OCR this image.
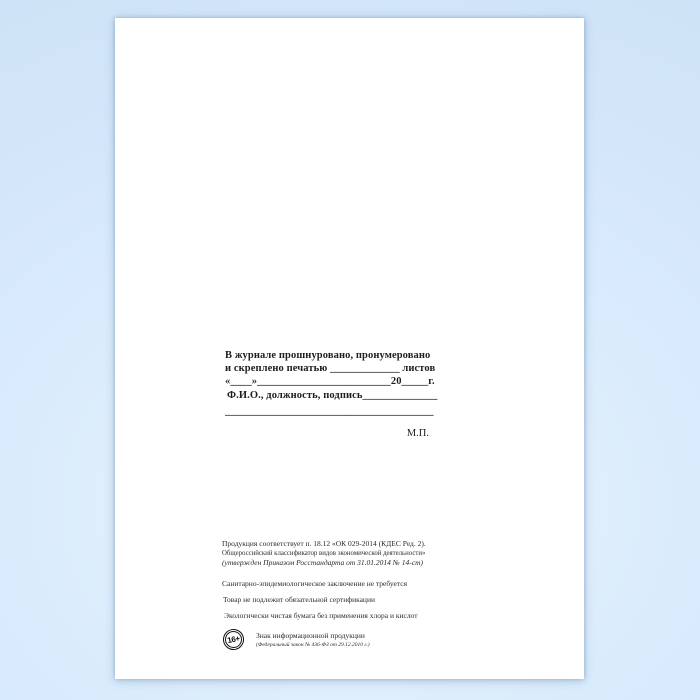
В журнале прошнуровано, пронумеровано
и скреплено печатью _____________ листов
«____»_________________________20_____г.
Ф.И.О., должность, подпись______________
_______________________________________
М.П.
Продукция соответствует п. 18.12 «ОК 029-2014 (КДЕС Ред. 2).
Общероссийский классификатор видов экономической деятельности»
(утвержден Приказом Росстандарта от 31.01.2014 № 14-ст)
Санитарно-эпидемиологическое заключение не требуется
Товар не подлежит обязательной сертификации
Экологически чистая бумага без применения хлора и кислот
16+ Знак информационной продукции
(Федеральный закон № 436-ФЗ от 29.12.2010 г.)
